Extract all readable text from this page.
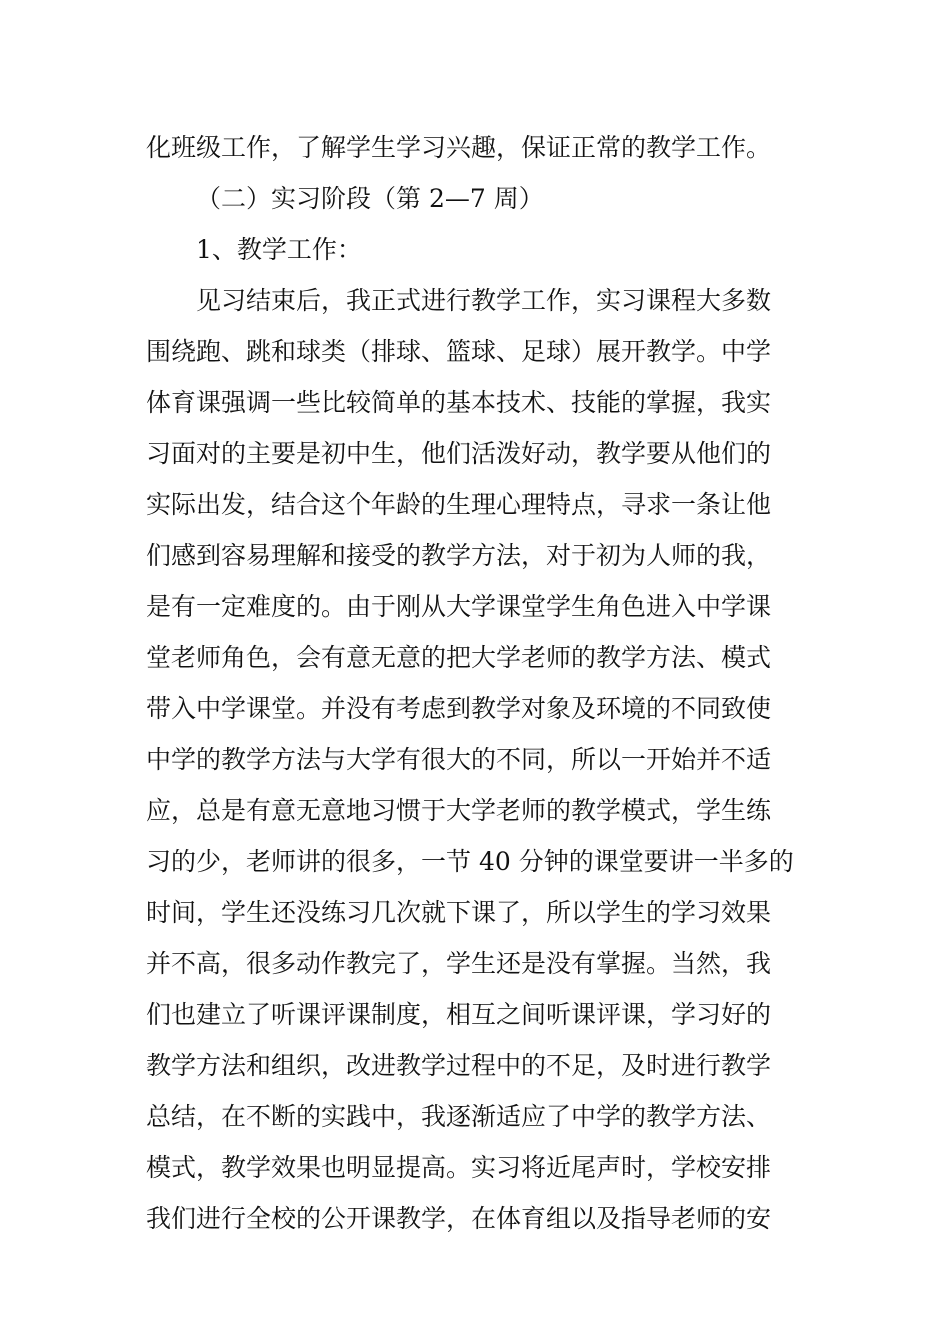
化班级工作，了解学生学习兴趣，保证正常的教学工作。
（二）实习阶段（第 2—7 周）
1、教学工作：
见习结束后，我正式进行教学工作，实习课程大多数
围绕跑、跳和球类（排球、篮球、足球）展开教学。中学
体育课强调一些比较简单的基本技术、技能的掌握，我实
习面对的主要是初中生，他们活泼好动，教学要从他们的
实际出发，结合这个年龄的生理心理特点，寻求一条让他
们感到容易理解和接受的教学方法，对于初为人师的我，
是有一定难度的。由于刚从大学课堂学生角色进入中学课
堂老师角色，会有意无意的把大学老师的教学方法、模式
带入中学课堂。并没有考虑到教学对象及环境的不同致使
中学的教学方法与大学有很大的不同，所以一开始并不适
应，总是有意无意地习惯于大学老师的教学模式，学生练
习的少，老师讲的很多，一节 40 分钟的课堂要讲一半多的
时间，学生还没练习几次就下课了，所以学生的学习效果
并不高，很多动作教完了，学生还是没有掌握。当然，我
们也建立了听课评课制度，相互之间听课评课，学习好的
教学方法和组织，改进教学过程中的不足，及时进行教学
总结，在不断的实践中，我逐渐适应了中学的教学方法、
模式，教学效果也明显提高。实习将近尾声时，学校安排
我们进行全校的公开课教学，在体育组以及指导老师的安
